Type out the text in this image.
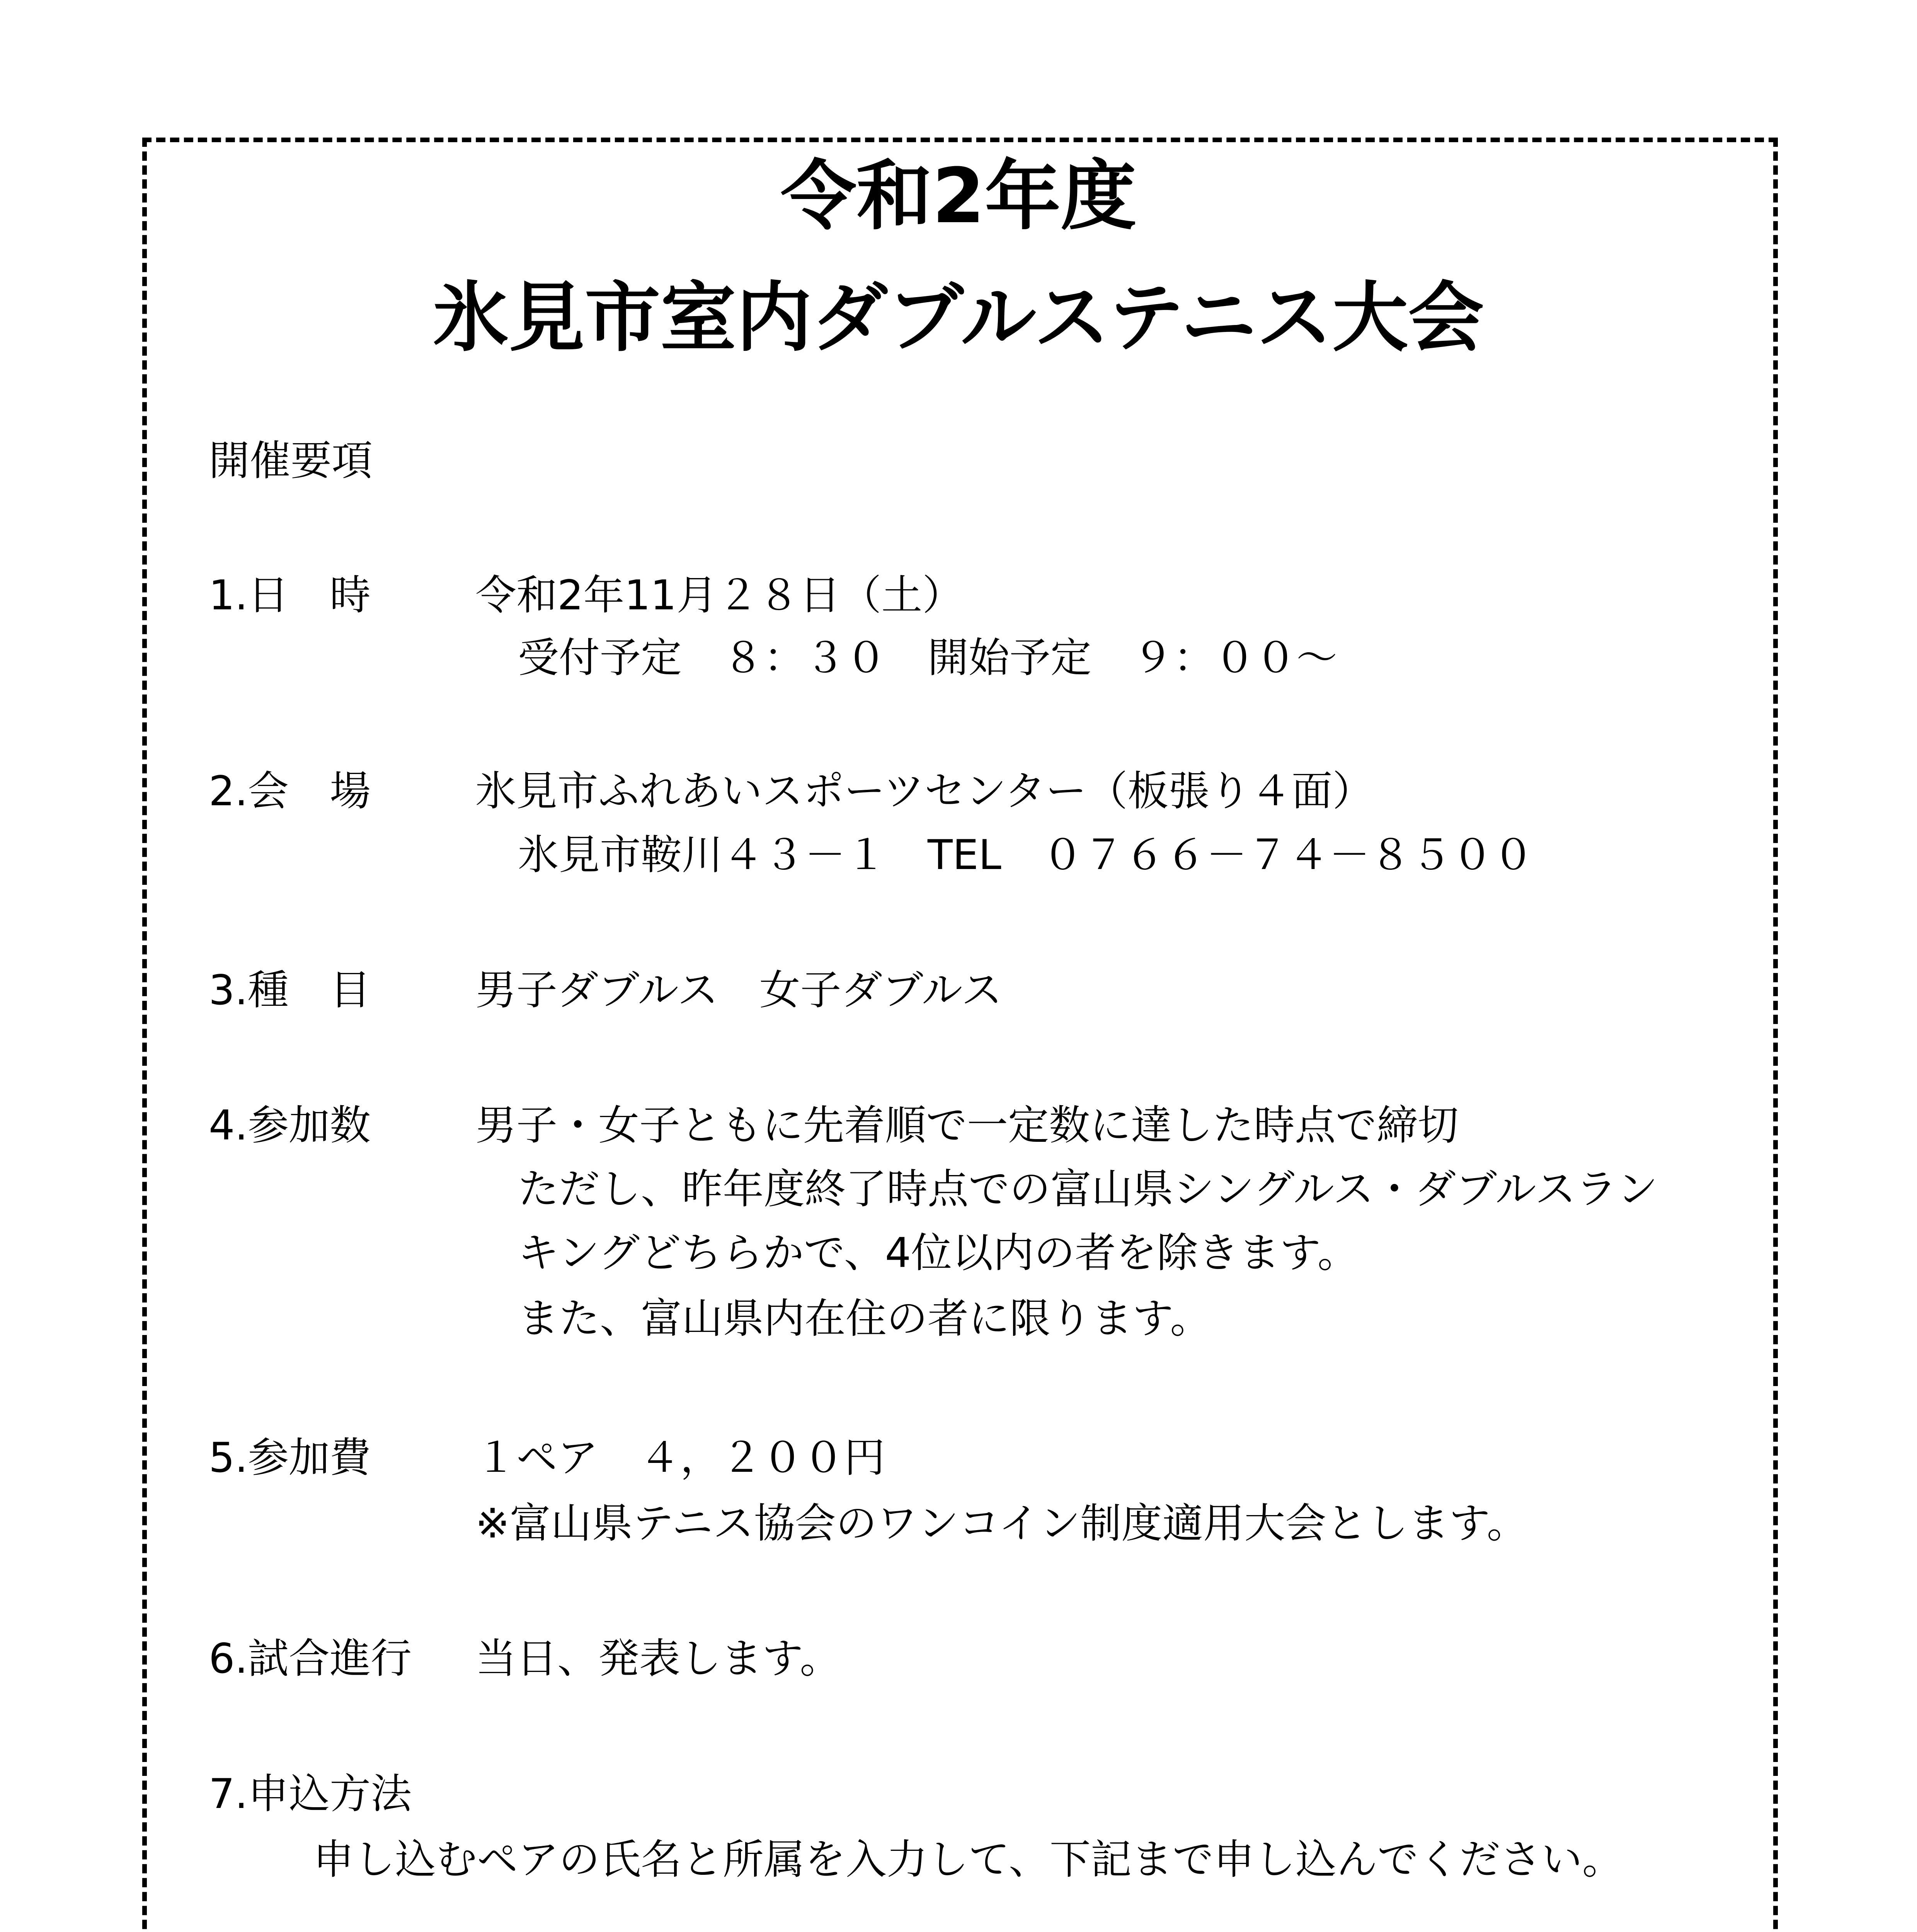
令和2年度
氷見市室内ダブルステニス大会
開催要項
1.日　時	令和2年11月２８日（土）
受付予定　８：３０　開始予定　９：００～
2.会　場	氷見市ふれあいスポーツセンター（板張り４面）
氷見市鞍川４３－１　TEL　０７６６－７４－８５００
3.種　目	男子ダブルス　女子ダブルス
4.参加数	男子・女子ともに先着順で一定数に達した時点で締切
ただし、昨年度終了時点での富山県シングルス・ダブルスラン
キングどちらかで、4位以内の者を除きます。
また、富山県内在住の者に限ります。
5.参加費	１ペア　４，２００円
※富山県テニス協会のワンコイン制度適用大会とします。
6.試合進行 当日、発表します。
7.申込方法
申し込むペアの氏名と所属を入力して、下記まで申し込んでください。
